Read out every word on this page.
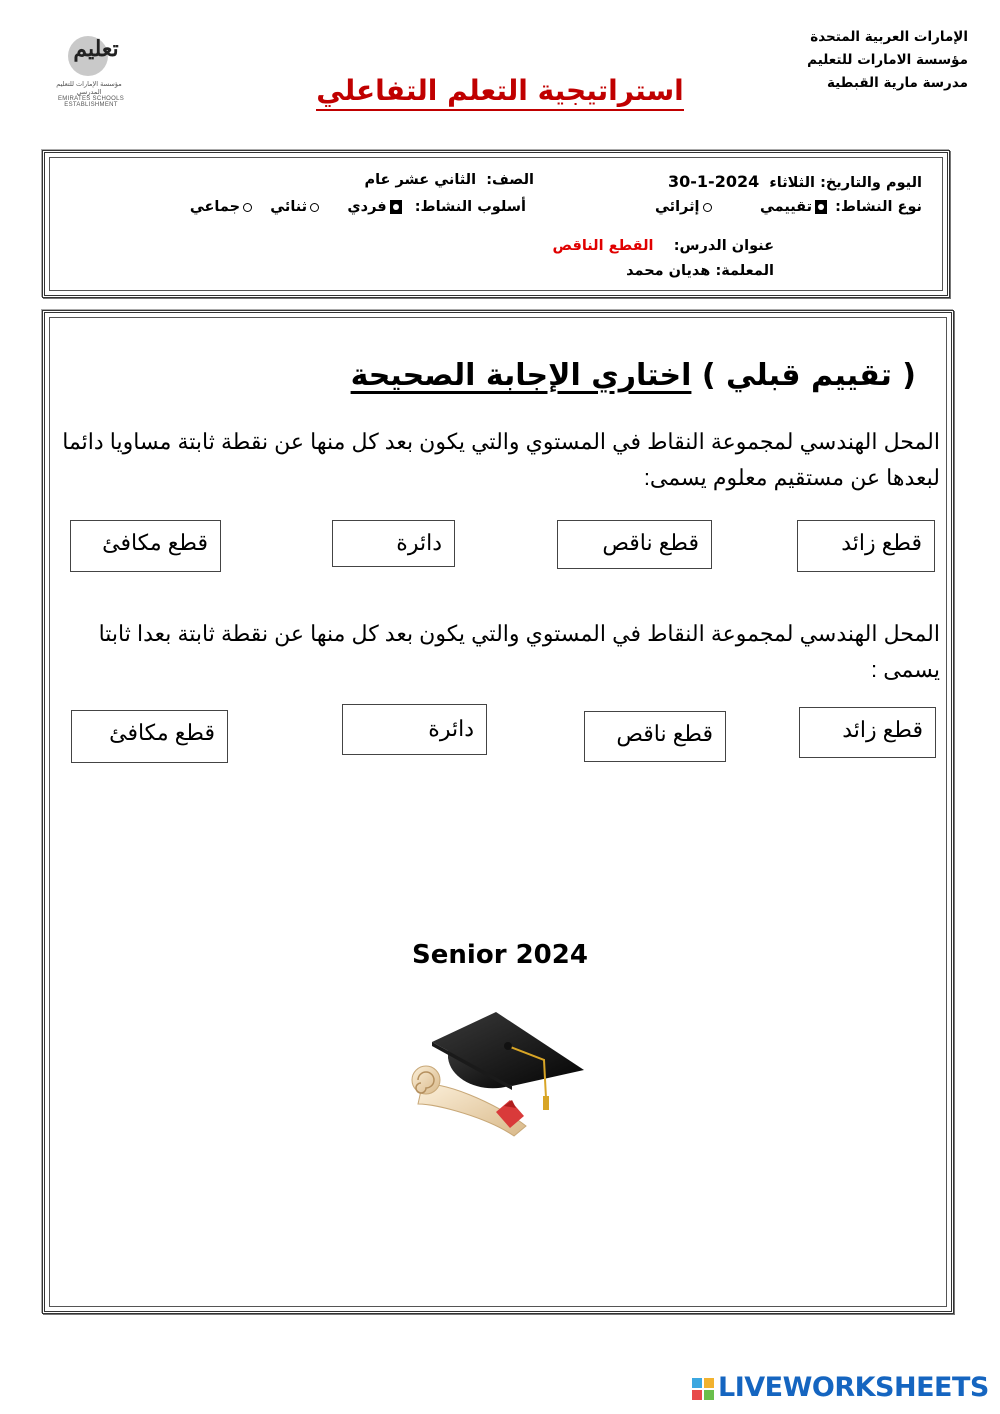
الإمارات العربية المتحدة
مؤسسة الامارات للتعليم
مدرسة مارية القبطية
تعليم
مؤسسة الإمارات للتعليم المدرسي
EMIRATES SCHOOLS ESTABLISHMENT	استراتيجية التعلم التفاعلي
اليوم والتاريخ: الثلاثاء  30-1-2024
الصف:  الثاني عشر عام
نوع النشاط: تقييمي         إثرائي
أسلوب النشاط:  فردي     ثنائي   جماعي
عنوان الدرس:    القطع الناقص
المعلمة: هديان محمد
( تقييم قبلي ) اختاري الإجابة الصحيحة
المحل الهندسي لمجموعة النقاط في المستوي والتي يكون بعد كل منها عن نقطة ثابتة مساويا دائما لبعدها عن مستقيم معلوم يسمى:
قطع زائد
قطع ناقص
دائرة
قطع مكافئ
المحل الهندسي لمجموعة النقاط في المستوي والتي يكون بعد كل منها عن نقطة ثابتة بعدا ثابتا يسمى :
قطع زائد
قطع ناقص
دائرة
قطع مكافئ
Senior 2024
LIVEWORKSHEETS
